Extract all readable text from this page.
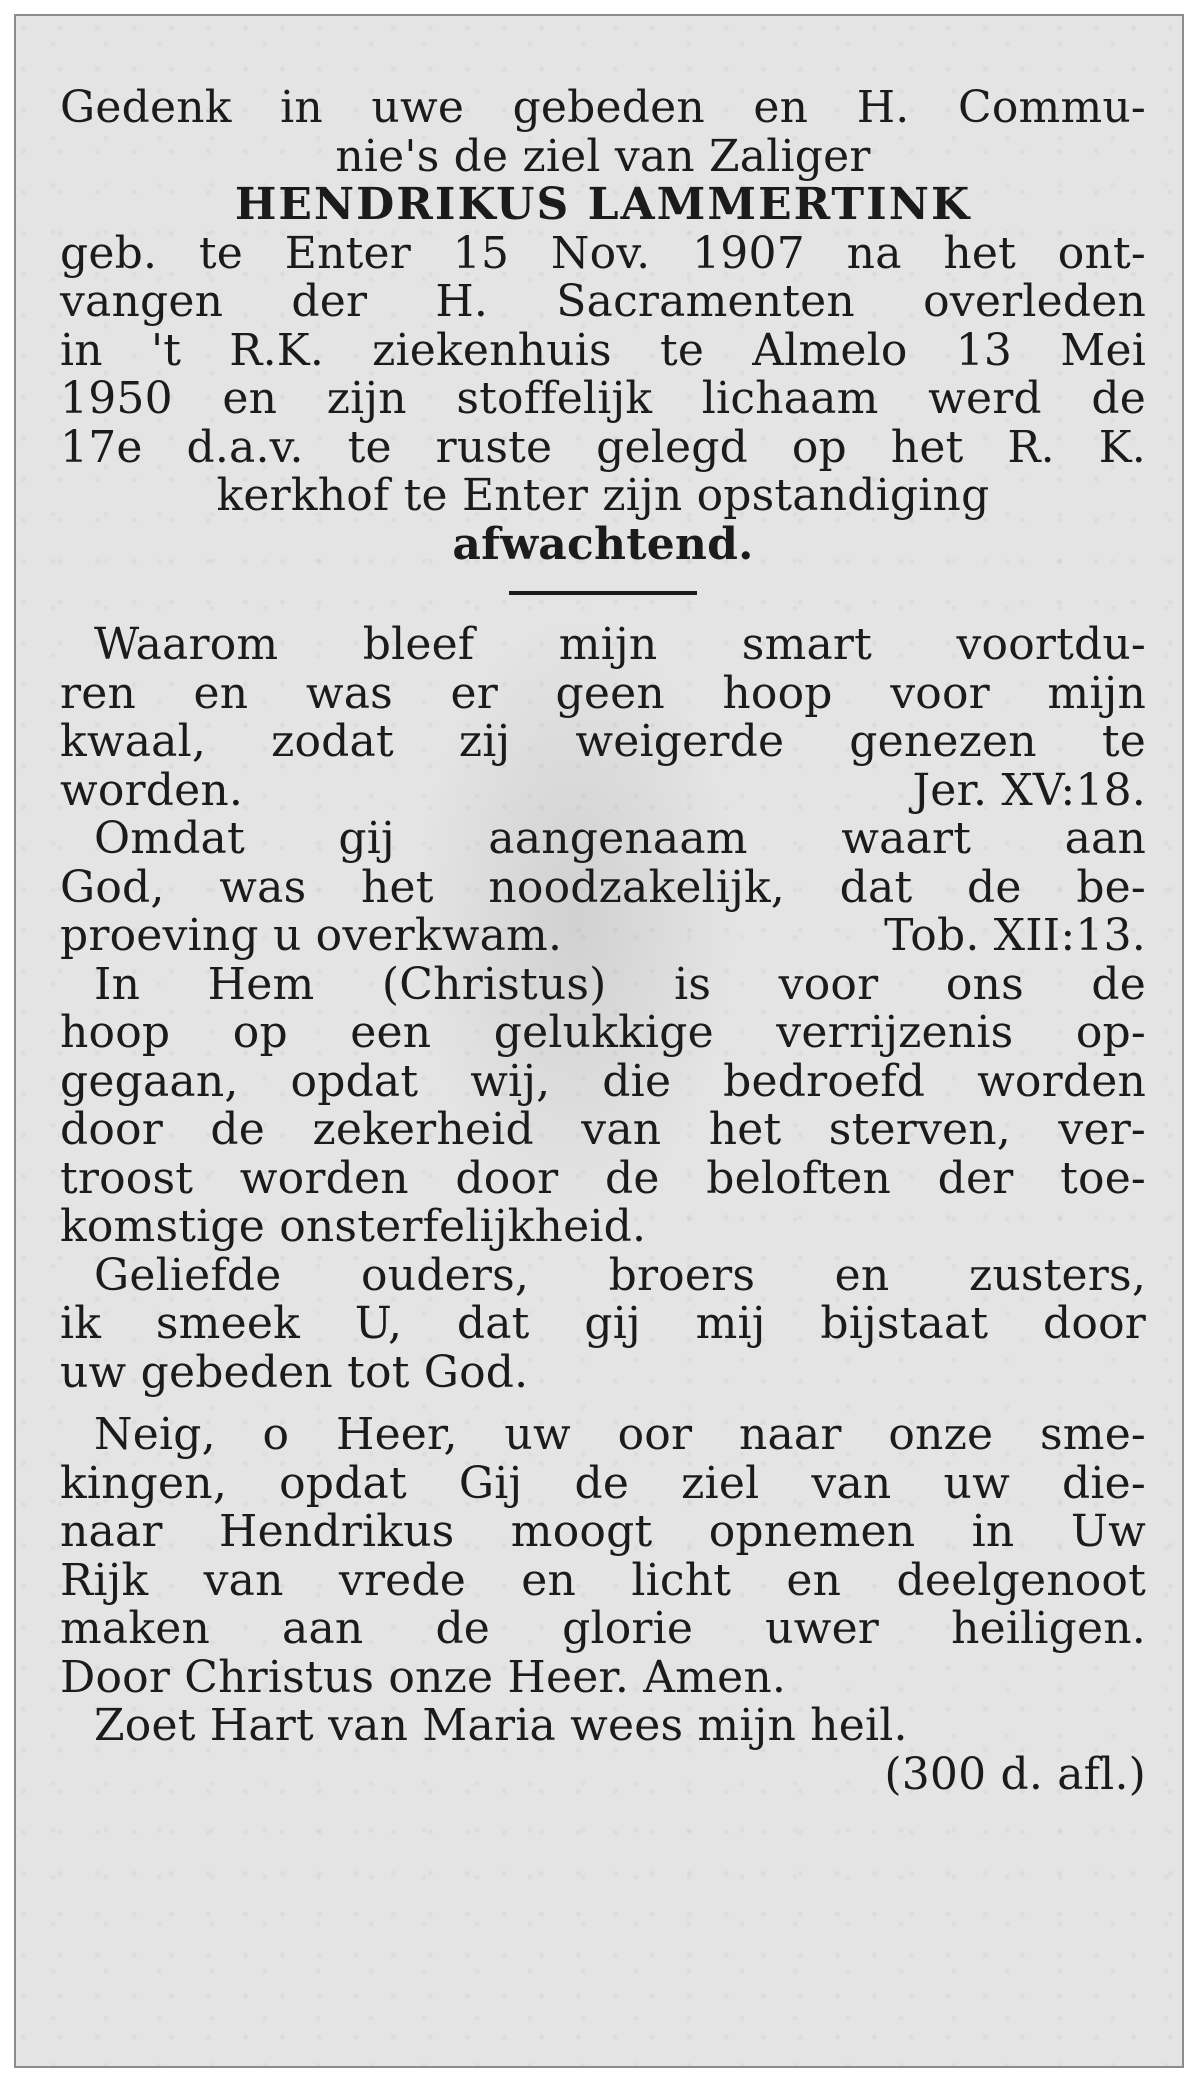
Gedenk in uwe gebeden en H. Commu-
nie's de ziel van Zaliger
HENDRIKUS LAMMERTINK
geb. te Enter 15 Nov. 1907 na het ont-
vangen der H. Sacramenten overleden
in 't R.K. ziekenhuis te Almelo 13 Mei
1950 en zijn stoffelijk lichaam werd de
17e d.a.v. te ruste gelegd op het R. K.
kerkhof te Enter zijn opstandiging
afwachtend.
Waarom bleef mijn smart voortdu-
ren en was er geen hoop voor mijn
kwaal, zodat zij weigerde genezen te
worden.	Jer. XV:18.
Omdat gij aangenaam waart aan
God, was het noodzakelijk, dat de be-
proeving u overkwam.	Tob. XII:13.
In Hem (Christus) is voor ons de
hoop op een gelukkige verrijzenis op-
gegaan, opdat wij, die bedroefd worden
door de zekerheid van het sterven, ver-
troost worden door de beloften der toe-
komstige onsterfelijkheid.
Geliefde ouders, broers en zusters,
ik smeek U, dat gij mij bijstaat door
uw gebeden tot God.
Neig, o Heer, uw oor naar onze sme-
kingen, opdat Gij de ziel van uw die-
naar Hendrikus moogt opnemen in Uw
Rijk van vrede en licht en deelgenoot
maken aan de glorie uwer heiligen.
Door Christus onze Heer. Amen.
Zoet Hart van Maria wees mijn heil.
(300 d. afl.)
